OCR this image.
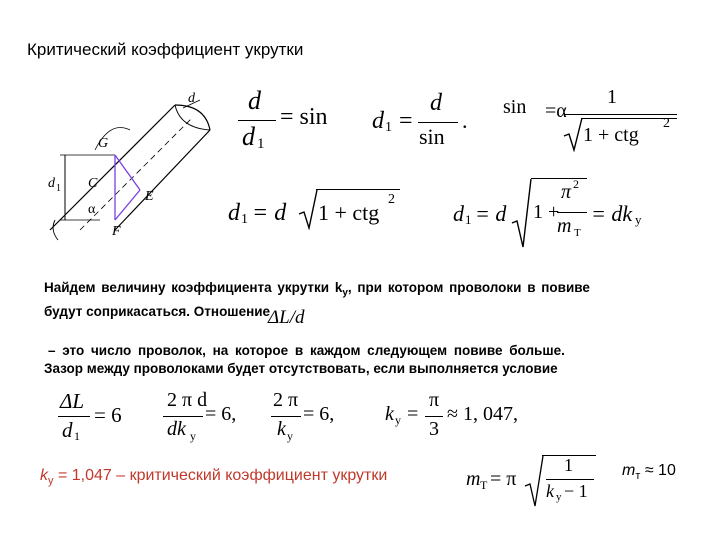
Критический коэффициент укрутки
d
G
d 1 C
E
α
F
d
d 1
= sin d 1 =
d
sin
.
sin =α
1
1 + ctg
2
d 1 = d 1 + ctg
2
d 1 = d 1 +
π 2
m T
= dk y
Найдем величину коэффициента укрутки $k_y$, при котором проволоки в повиве
будут соприкасаться. Отношение
ΔL/d
– это число проволок, на которое в каждом следующем повиве больше.
Зазор между проволоками будет отсутствовать, если выполняется условие
ΔL
d 1
= 6
2 π d
dk y
= 6,
2 π
k y
= 6,	k y =
π
3
≈ 1, 047,
$k_y = 1,047$ – критический коэффициент укрутки	m T = π
1
k y − 1
$m_т \approx 10$
